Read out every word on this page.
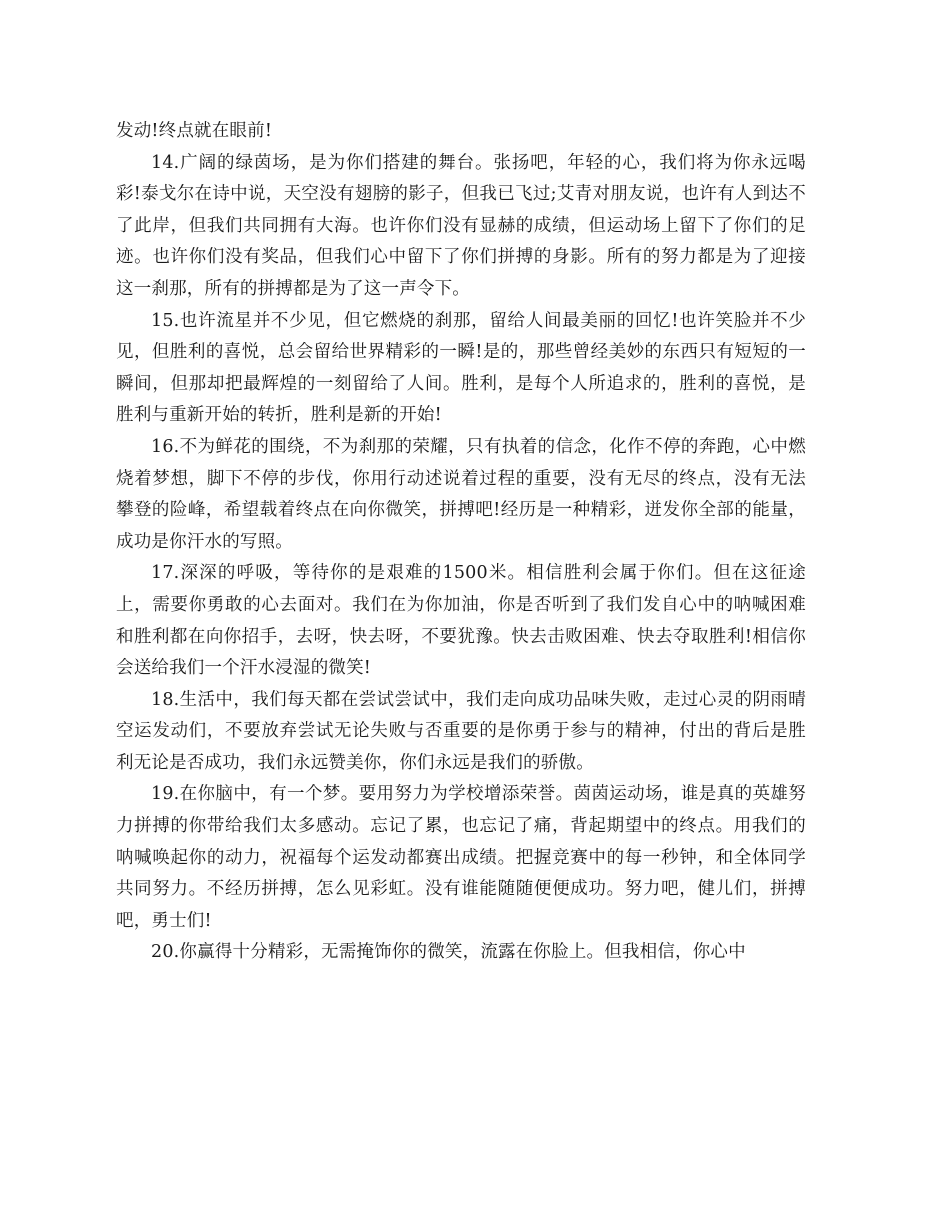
发动!终点就在眼前!

14.广阔的绿茵场，是为你们搭建的舞台。张扬吧，年轻的心，我们将为你永远喝彩!泰戈尔在诗中说，天空没有翅膀的影子，但我已飞过;艾青对朋友说，也许有人到达不了此岸，但我们共同拥有大海。也许你们没有显赫的成绩，但运动场上留下了你们的足迹。也许你们没有奖品，但我们心中留下了你们拼搏的身影。所有的努力都是为了迎接这一刹那，所有的拼搏都是为了这一声令下。

15.也许流星并不少见，但它燃烧的刹那，留给人间最美丽的回忆!也许笑脸并不少见，但胜利的喜悦，总会留给世界精彩的一瞬!是的，那些曾经美妙的东西只有短短的一瞬间，但那却把最辉煌的一刻留给了人间。胜利，是每个人所追求的，胜利的喜悦，是胜利与重新开始的转折，胜利是新的开始!

16.不为鲜花的围绕，不为刹那的荣耀，只有执着的信念，化作不停的奔跑，心中燃烧着梦想，脚下不停的步伐，你用行动述说着过程的重要，没有无尽的终点，没有无法攀登的险峰，希望载着终点在向你微笑，拼搏吧!经历是一种精彩，迸发你全部的能量，成功是你汗水的写照。

17.深深的呼吸，等待你的是艰难的1500米。相信胜利会属于你们。但在这征途上，需要你勇敢的心去面对。我们在为你加油，你是否听到了我们发自心中的呐喊困难和胜利都在向你招手，去呀，快去呀，不要犹豫。快去击败困难、快去夺取胜利!相信你会送给我们一个汗水浸湿的微笑!

18.生活中，我们每天都在尝试尝试中，我们走向成功品味失败，走过心灵的阴雨晴空运发动们，不要放弃尝试无论失败与否重要的是你勇于参与的精神，付出的背后是胜利无论是否成功，我们永远赞美你，你们永远是我们的骄傲。

19.在你脑中，有一个梦。要用努力为学校增添荣誉。茵茵运动场，谁是真的英雄努力拼搏的你带给我们太多感动。忘记了累，也忘记了痛，背起期望中的终点。用我们的呐喊唤起你的动力，祝福每个运发动都赛出成绩。把握竞赛中的每一秒钟，和全体同学共同努力。不经历拼搏，怎么见彩虹。没有谁能随随便便成功。努力吧，健儿们，拼搏吧，勇士们!

20.你赢得十分精彩，无需掩饰你的微笑，流露在你脸上。但我相信，你心中
